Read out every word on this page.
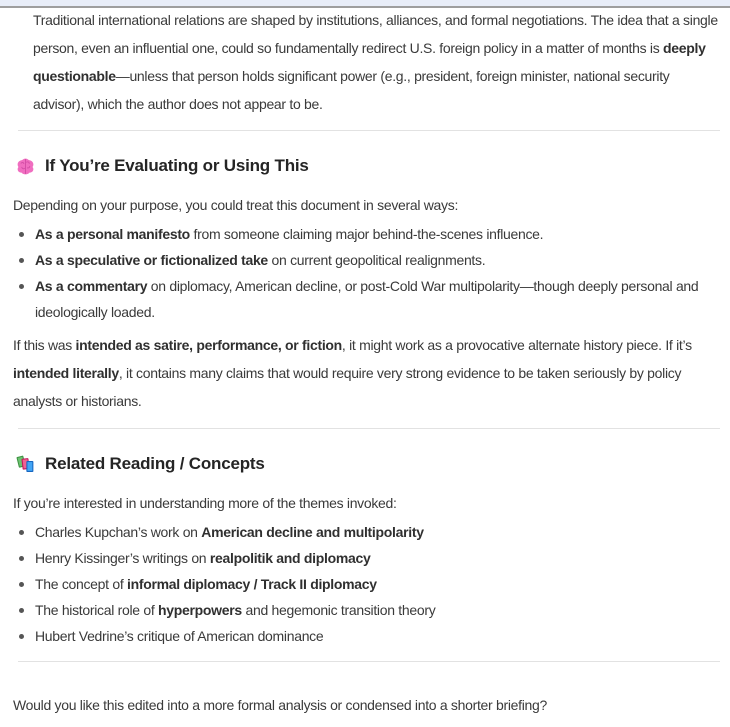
Traditional international relations are shaped by institutions, alliances, and formal negotiations. The idea that a single person, even an influential one, could so fundamentally redirect U.S. foreign policy in a matter of months is deeply questionable—unless that person holds significant power (e.g., president, foreign minister, national security advisor), which the author does not appear to be.

If You’re Evaluating or Using This

Depending on your purpose, you could treat this document in several ways:

As a personal manifesto from someone claiming major behind-the-scenes influence.
As a speculative or fictionalized take on current geopolitical realignments.
As a commentary on diplomacy, American decline, or post-Cold War multipolarity—though deeply personal and ideologically loaded.

If this was intended as satire, performance, or fiction, it might work as a provocative alternate history piece. If it’s intended literally, it contains many claims that would require very strong evidence to be taken seriously by policy analysts or historians.

Related Reading / Concepts

If you’re interested in understanding more of the themes invoked:

Charles Kupchan’s work on American decline and multipolarity
Henry Kissinger’s writings on realpolitik and diplomacy
The concept of informal diplomacy / Track II diplomacy
The historical role of hyperpowers and hegemonic transition theory
Hubert Vedrine’s critique of American dominance

Would you like this edited into a more formal analysis or condensed into a shorter briefing?
